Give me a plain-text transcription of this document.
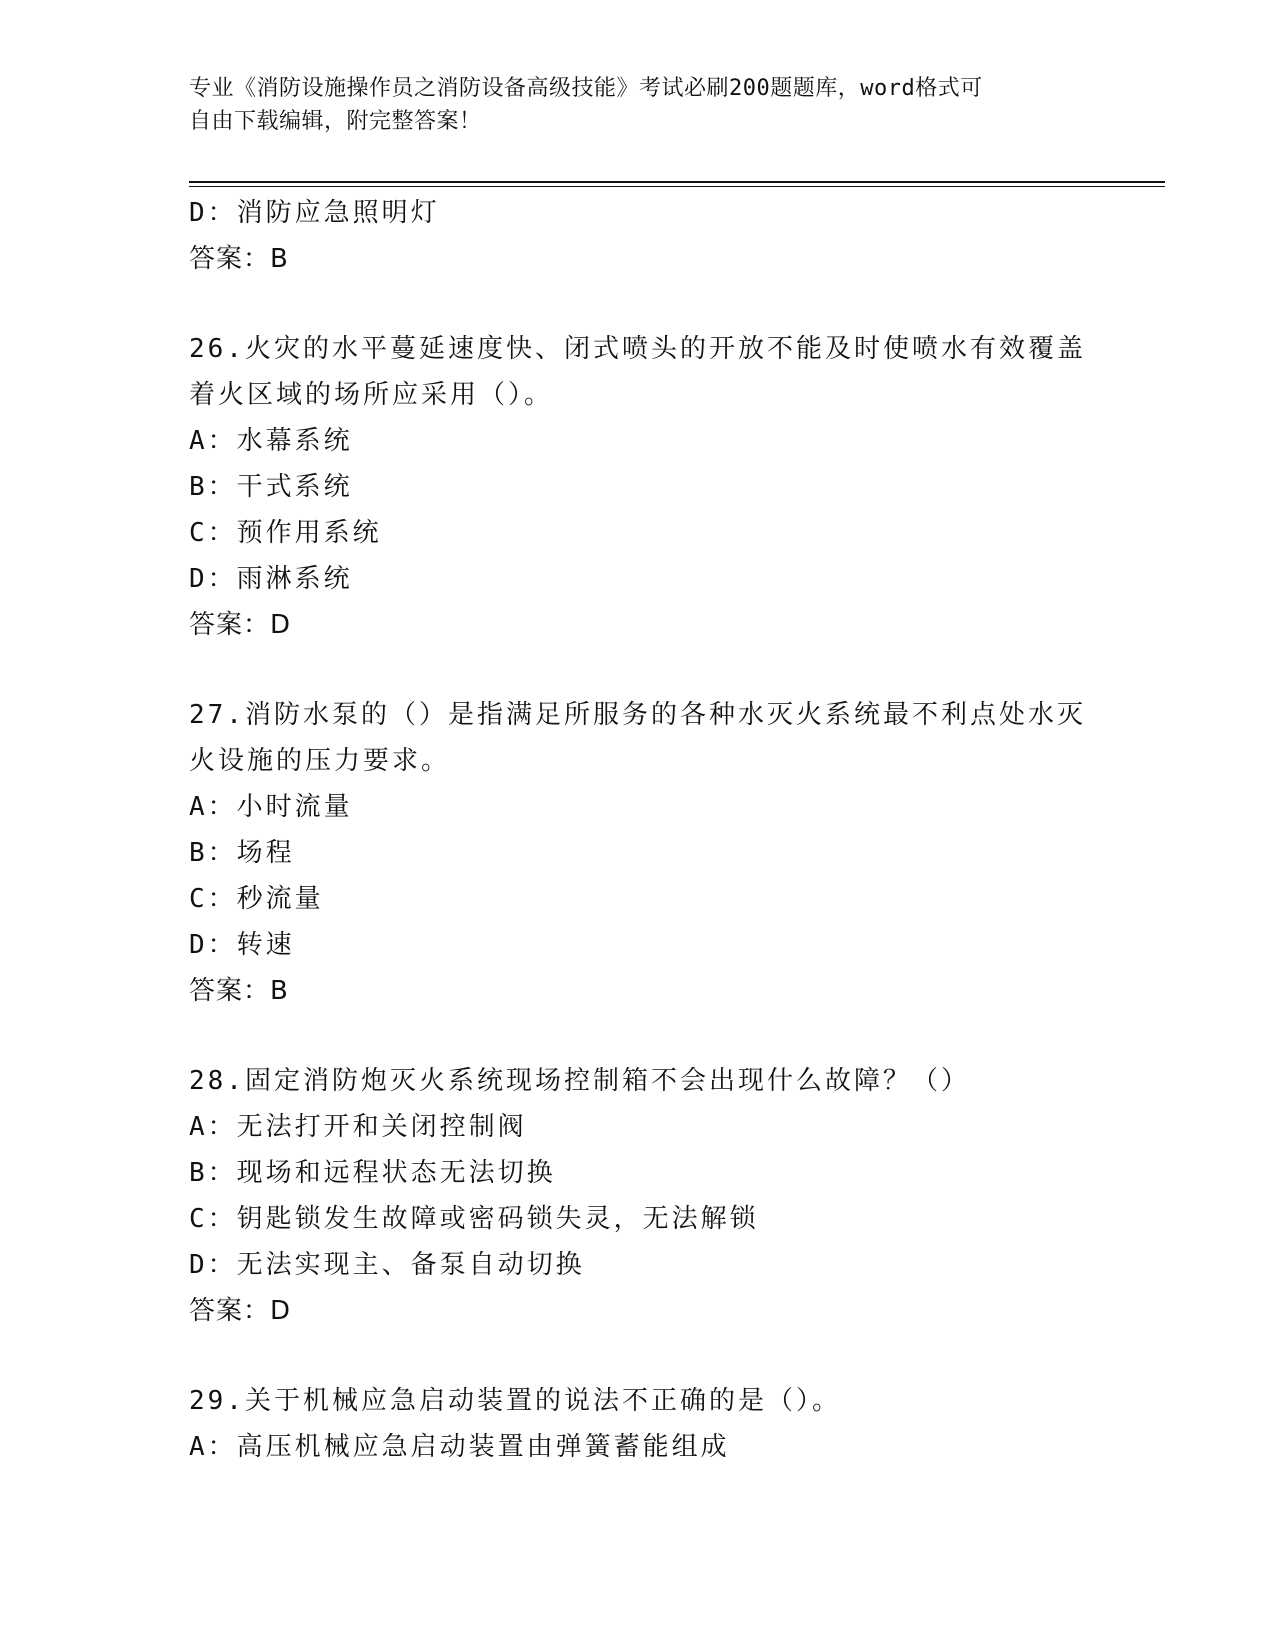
专业《消防设施操作员之消防设备高级技能》考试必刷200题题库，word格式可
自由下载编辑，附完整答案！
D：消防应急照明灯
答案：B
26.火灾的水平蔓延速度快、闭式喷头的开放不能及时使喷水有效覆盖
着火区域的场所应采用（）。
A：水幕系统
B：干式系统
C：预作用系统
D：雨淋系统
答案：D
27.消防水泵的（）是指满足所服务的各种水灭火系统最不利点处水灭
火设施的压力要求。
A：小时流量
B：场程
C：秒流量
D：转速
答案：B
28.固定消防炮灭火系统现场控制箱不会出现什么故障？（）
A：无法打开和关闭控制阀
B：现场和远程状态无法切换
C：钥匙锁发生故障或密码锁失灵，无法解锁
D：无法实现主、备泵自动切换
答案：D
29.关于机械应急启动装置的说法不正确的是（）。
A：高压机械应急启动装置由弹簧蓄能组成
